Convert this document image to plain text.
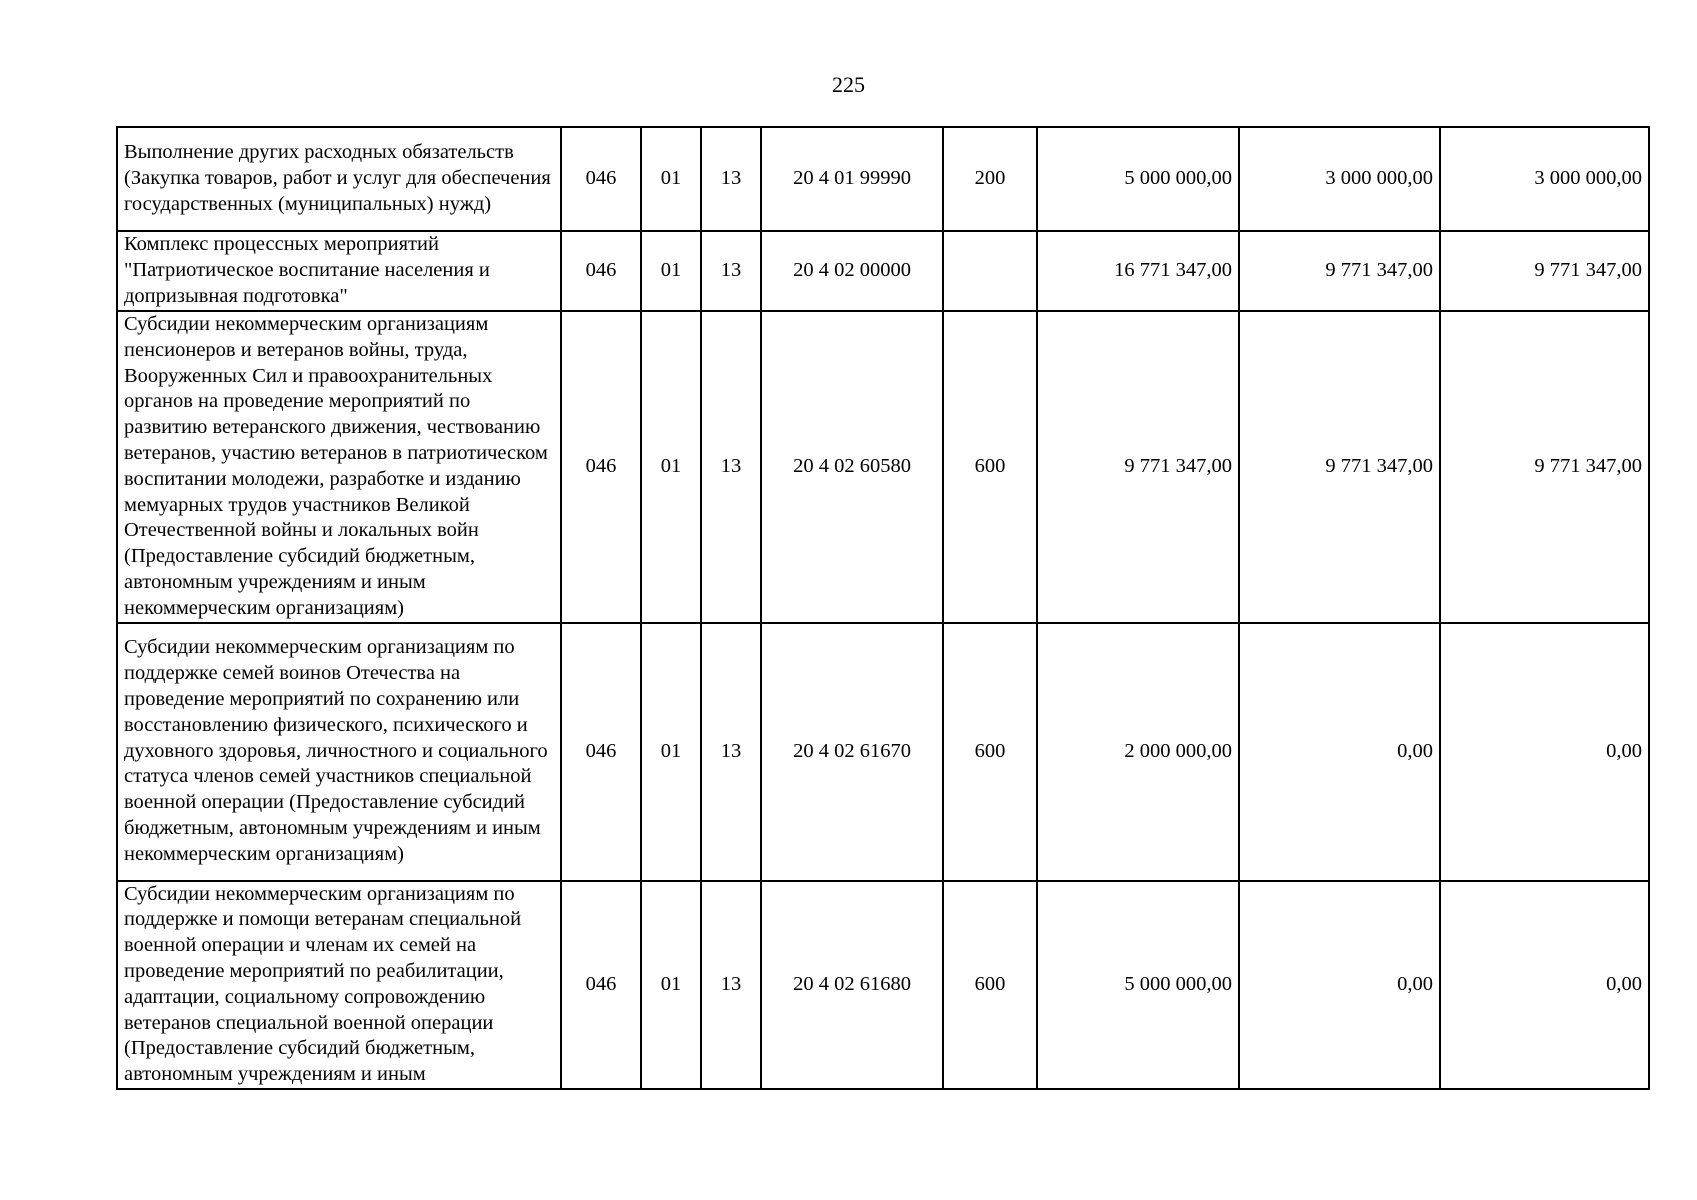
225
Выполнение других расходных обязательств (Закупка товаров, работ и услуг для обеспечения государственных (муниципальных) нужд)	046	01	13	20 4 01 99990	200	5 000 000,00	3 000 000,00	3 000 000,00
Комплекс процессных мероприятий "Патриотическое воспитание населения и допризывная подготовка"	046	01	13	20 4 02 00000		16 771 347,00	9 771 347,00	9 771 347,00
Субсидии некоммерческим организациям пенсионеров и ветеранов войны, труда, Вооруженных Сил и правоохранительных органов на проведение мероприятий по развитию ветеранского движения, чествованию ветеранов, участию ветеранов в патриотическом воспитании молодежи, разработке и изданию мемуарных трудов участников Великой Отечественной войны и локальных войн (Предоставление субсидий бюджетным, автономным учреждениям и иным некоммерческим организациям)	046	01	13	20 4 02 60580	600	9 771 347,00	9 771 347,00	9 771 347,00
Субсидии некоммерческим организациям по поддержке семей воинов Отечества на проведение мероприятий по сохранению или восстановлению физического, психического и духовного здоровья, личностного и социального статуса членов семей участников специальной военной операции (Предоставление субсидий бюджетным, автономным учреждениям и иным некоммерческим организациям)	046	01	13	20 4 02 61670	600	2 000 000,00	0,00	0,00
Субсидии некоммерческим организациям по поддержке и помощи ветеранам специальной военной операции и членам их семей на проведение мероприятий по реабилитации, адаптации, социальному сопровождению ветеранов специальной военной операции (Предоставление субсидий бюджетным, автономным учреждениям и иным	046	01	13	20 4 02 61680	600	5 000 000,00	0,00	0,00
